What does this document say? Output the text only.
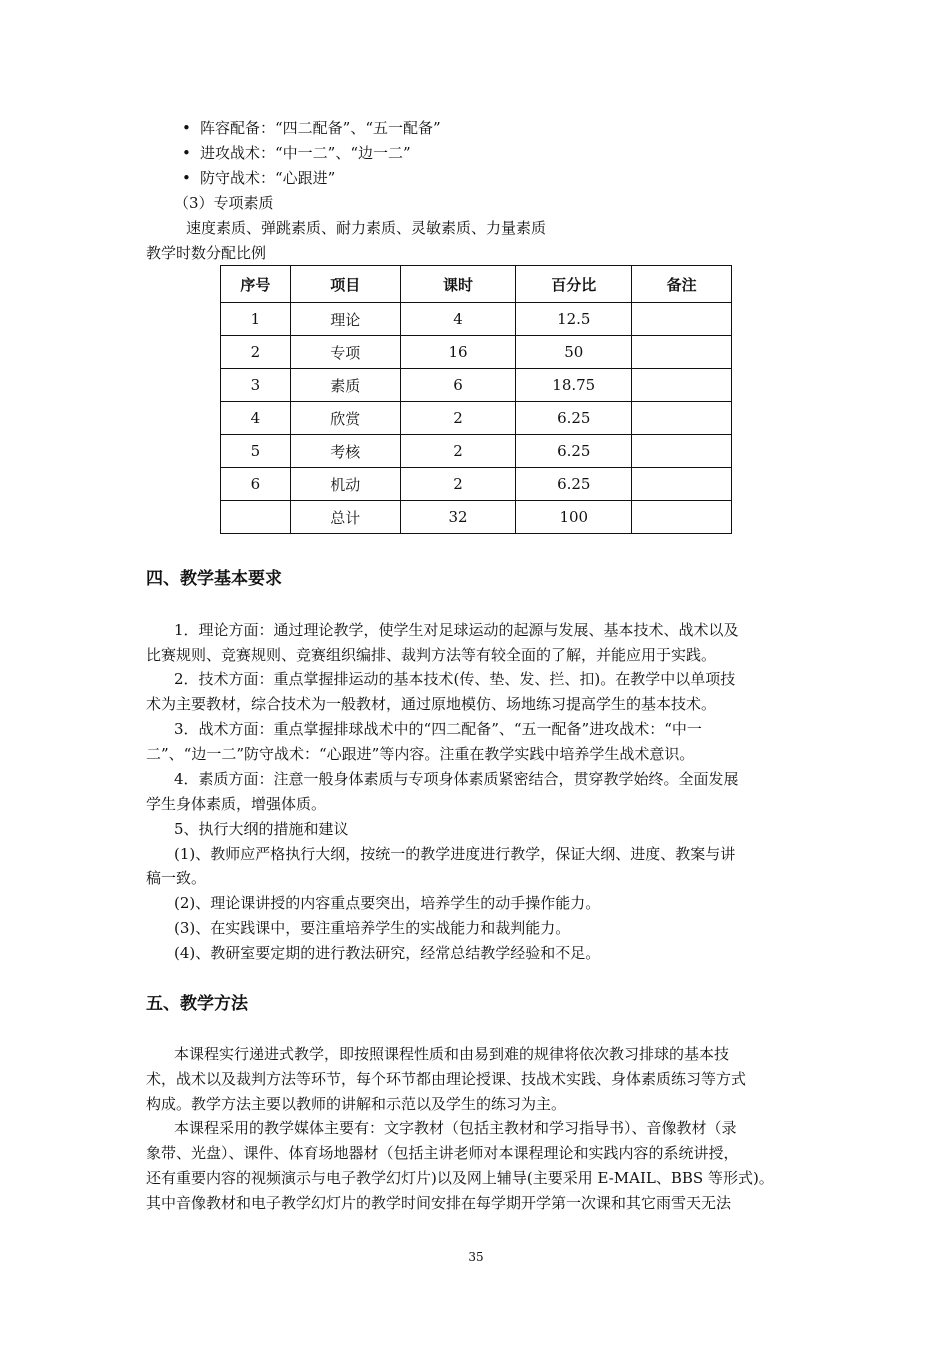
• 阵容配备：“四二配备”、“五一配备”
• 进攻战术：“中一二”、“边一二”
• 防守战术：“心跟进”
（3）专项素质
速度素质、弹跳素质、耐力素质、灵敏素质、力量素质
教学时数分配比例
序号	项目	课时	百分比	备注
1	理论	4	12.5	
2	专项	16	50	
3	素质	6	18.75	
4	欣赏	2	6.25	
5	考核	2	6.25	
6	机动	2	6.25	
	总计	32	100	
四、教学基本要求
1．理论方面：通过理论教学，使学生对足球运动的起源与发展、基本技术、战术以及
比赛规则、竞赛规则、竞赛组织编排、裁判方法等有较全面的了解，并能应用于实践。
2．技术方面：重点掌握排运动的基本技术(传、垫、发、拦、扣)。在教学中以单项技
术为主要教材，综合技术为一般教材，通过原地模仿、场地练习提高学生的基本技术。
3．战术方面：重点掌握排球战术中的“四二配备”、“五一配备”进攻战术：“中一
二”、“边一二”防守战术：“心跟进”等内容。注重在教学实践中培养学生战术意识。
4．素质方面：注意一般身体素质与专项身体素质紧密结合，贯穿教学始终。全面发展
学生身体素质，增强体质。
5、执行大纲的措施和建议
(1)、教师应严格执行大纲，按统一的教学进度进行教学，保证大纲、进度、教案与讲
稿一致。
(2)、理论课讲授的内容重点要突出，培养学生的动手操作能力。
(3)、在实践课中，要注重培养学生的实战能力和裁判能力。
(4)、教研室要定期的进行教法研究，经常总结教学经验和不足。
五、教学方法
本课程实行递进式教学，即按照课程性质和由易到难的规律将依次教习排球的基本技
术，战术以及裁判方法等环节，每个环节都由理论授课、技战术实践、身体素质练习等方式
构成。教学方法主要以教师的讲解和示范以及学生的练习为主。
本课程采用的教学媒体主要有：文字教材（包括主教材和学习指导书）、音像教材（录
象带、光盘）、课件、体育场地器材（包括主讲老师对本课程理论和实践内容的系统讲授，
还有重要内容的视频演示与电子教学幻灯片)以及网上辅导(主要采用 E-MAIL、BBS 等形式)。
其中音像教材和电子教学幻灯片的教学时间安排在每学期开学第一次课和其它雨雪天无法
35
